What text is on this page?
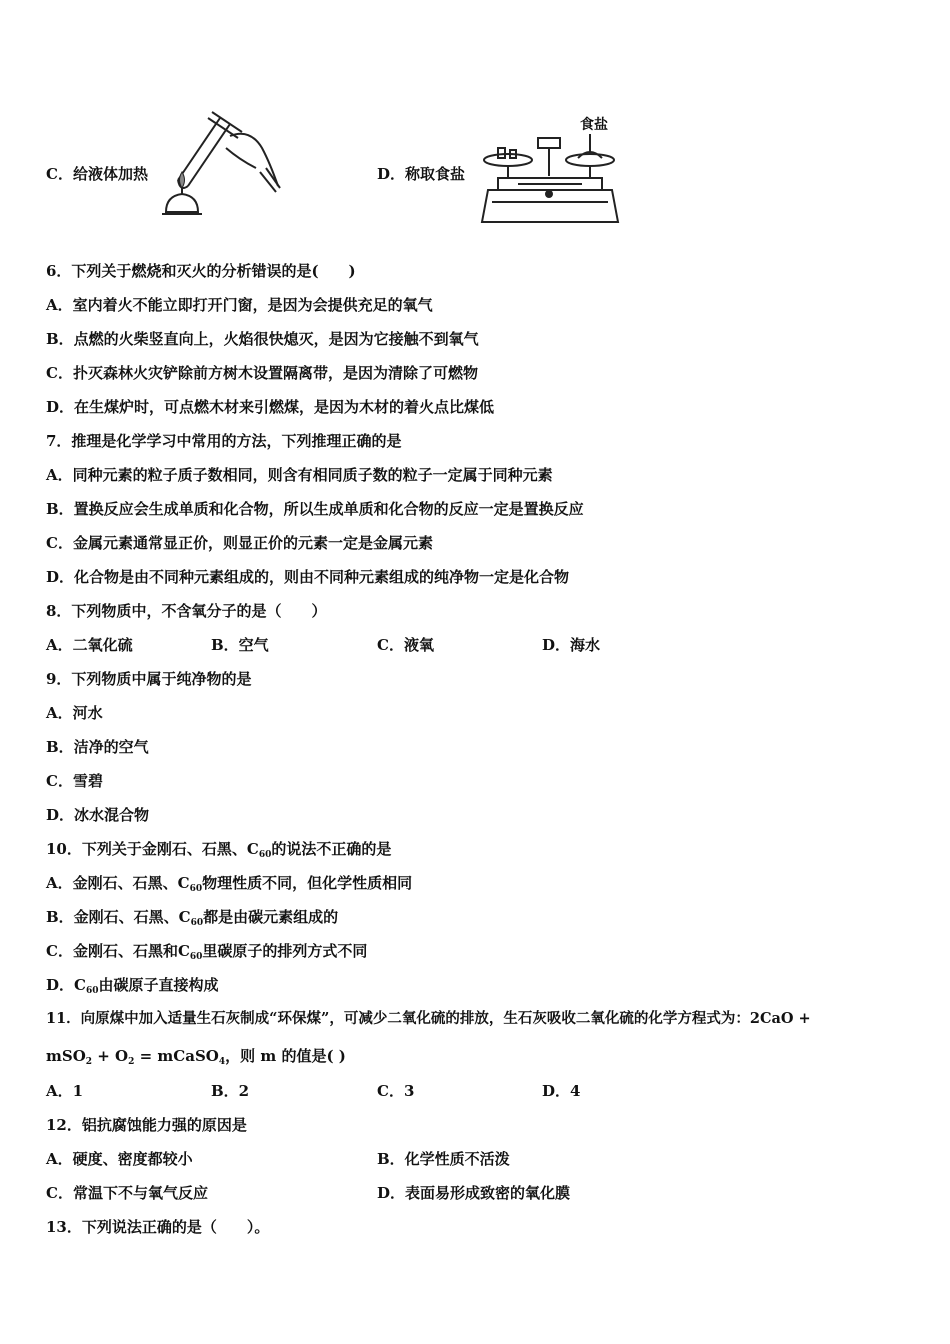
C．给液体加热	D．称取食盐
食盐
6．下列关于燃烧和灭火的分析错误的是(　　)
A．室内着火不能立即打开门窗，是因为会提供充足的氧气
B．点燃的火柴竖直向上，火焰很快熄灭，是因为它接触不到氧气
C．扑灭森林火灾铲除前方树木设置隔离带，是因为清除了可燃物
D．在生煤炉时，可点燃木材来引燃煤，是因为木材的着火点比煤低
7．推理是化学学习中常用的方法，下列推理正确的是
A．同种元素的粒子质子数相同，则含有相同质子数的粒子一定属于同种元素
B．置换反应会生成单质和化合物，所以生成单质和化合物的反应一定是置换反应
C．金属元素通常显正价，则显正价的元素一定是金属元素
D．化合物是由不同种元素组成的，则由不同种元素组成的纯净物一定是化合物
8．下列物质中，不含氧分子的是（　　）
A．二氧化硫	B．空气	C．液氧	D．海水
9．下列物质中属于纯净物的是
A．河水
B．洁净的空气
C．雪碧
D．冰水混合物
10．下列关于金刚石、石黑、$C_{60}$的说法不正确的是
A．金刚石、石黑、$C_{60}$物理性质不同，但化学性质相同
B．金刚石、石黑、$C_{60}$都是由碳元素组成的
C．金刚石、石黑和$C_{60}$里碳原子的排列方式不同
D．$C_{60}$由碳原子直接构成
11．向原煤中加入适量生石灰制成“环保煤”，可减少二氧化硫的排放，生石灰吸收二氧化硫的化学方程式为：2CaO +
$mSO_2 + O_2$ = mCaSO$_4$，则 m 的值是( )
A．1	B．2	C．3	D．4
12．铝抗腐蚀能力强的原因是
A．硬度、密度都较小	B．化学性质不活泼
C．常温下不与氧气反应	D．表面易形成致密的氧化膜
13．下列说法正确的是（　　）。
